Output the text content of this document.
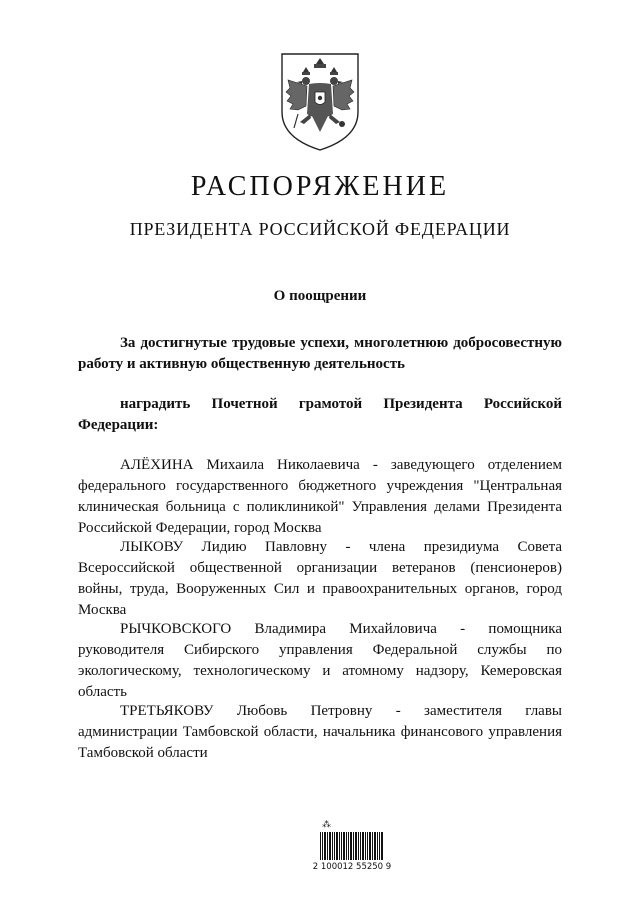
РАСПОРЯЖЕНИЕ
ПРЕЗИДЕНТА РОССИЙСКОЙ ФЕДЕРАЦИИ
О поощрении
За достигнутые трудовые успехи, многолетнюю добросовестную работу и активную общественную деятельность
наградить Почетной грамотой Президента Российской Федерации:
АЛЁХИНА Михаила Николаевича - заведующего отделением федерального государственного бюджетного учреждения "Центральная клиническая больница с поликлиникой" Управления делами Президента Российской Федерации, город Москва
ЛЫКОВУ Лидию Павловну - члена президиума Совета Всероссийской общественной организации ветеранов (пенсионеров) войны, труда, Вооруженных Сил и правоохранительных органов, город Москва
РЫЧКОВСКОГО Владимира Михайловича - помощника руководителя Сибирского управления Федеральной службы по экологическому, технологическому и атомному надзору, Кемеровская область
ТРЕТЬЯКОВУ Любовь Петровну - заместителя главы администрации Тамбовской области, начальника финансового управления Тамбовской области
⁂
2 100012 55250 9
